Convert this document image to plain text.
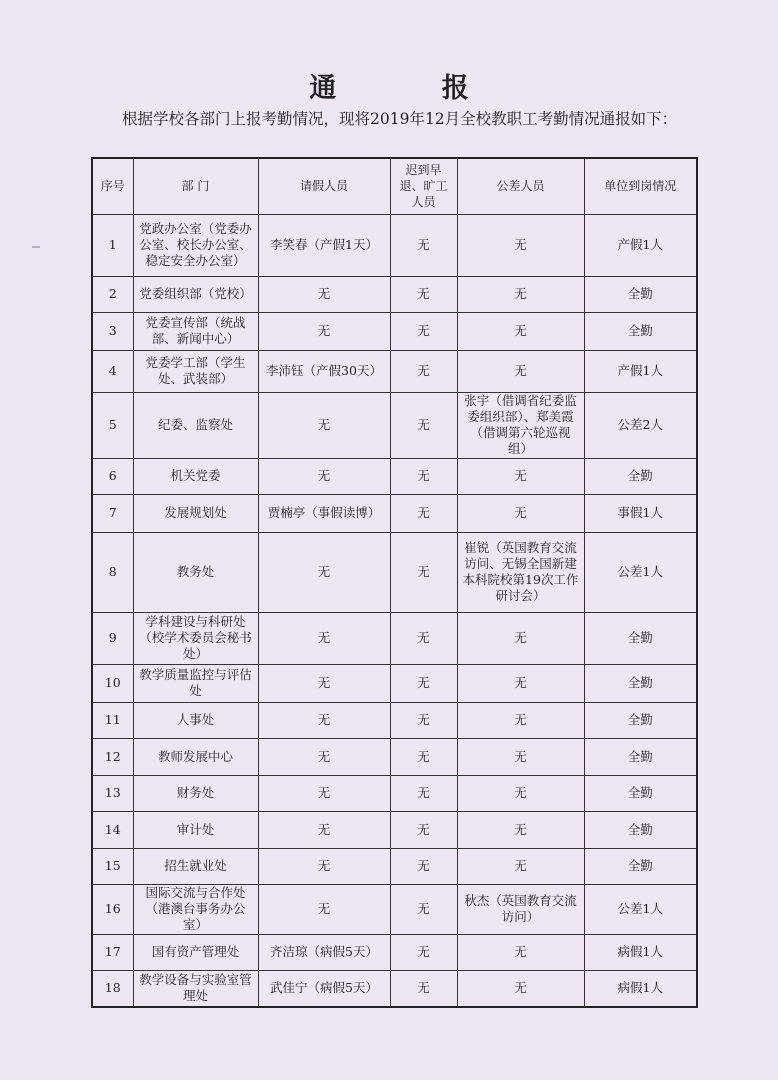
通 报
根据学校各部门上报考勤情况，现将2019年12月全校教职工考勤情况通报如下：
序号	部 门	请假人员	迟到早退、旷工人员	公差人员	单位到岗情况
1	党政办公室（党委办公室、校长办公室、稳定安全办公室）	李笑春（产假1天）	无	无	产假1人
2	党委组织部（党校）	无	无	无	全勤
3	党委宣传部（统战部、新闻中心）	无	无	无	全勤
4	党委学工部（学生处、武装部）	李沛钰（产假30天）	无	无	产假1人
5	纪委、监察处	无	无	张宇（借调省纪委监委组织部）、郑美霞（借调第六轮巡视组）	公差2人
6	机关党委	无	无	无	全勤
7	发展规划处	贾楠亭（事假读博）	无	无	事假1人
8	教务处	无	无	崔锐（英国教育交流访问、无锡全国新建本科院校第19次工作研讨会）	公差1人
9	学科建设与科研处（校学术委员会秘书处）	无	无	无	全勤
10	教学质量监控与评估处	无	无	无	全勤
11	人事处	无	无	无	全勤
12	教师发展中心	无	无	无	全勤
13	财务处	无	无	无	全勤
14	审计处	无	无	无	全勤
15	招生就业处	无	无	无	全勤
16	国际交流与合作处（港澳台事务办公室）	无	无	秋杰（英国教育交流访问）	公差1人
17	国有资产管理处	齐洁琼（病假5天）	无	无	病假1人
18	教学设备与实验室管理处	武佳宁（病假5天）	无	无	病假1人
